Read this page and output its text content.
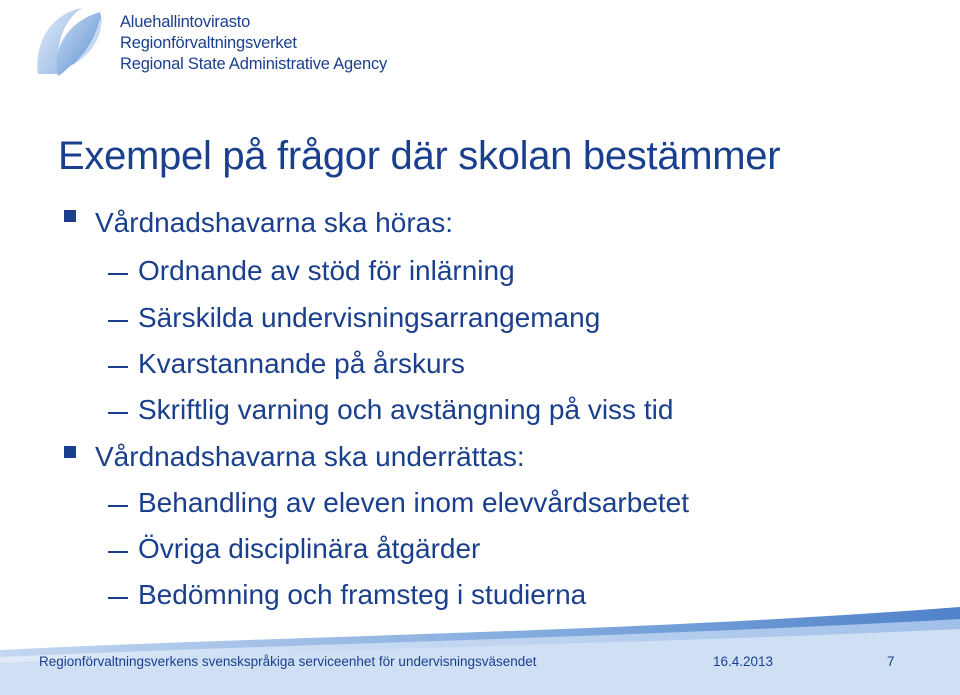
Aluehallintovirasto
Regionförvaltningsverket
Regional State Administrative Agency
Exempel på frågor där skolan bestämmer
Vårdnadshavarna ska höras:
Ordnande av stöd för inlärning
Särskilda undervisningsarrangemang
Kvarstannande på årskurs
Skriftlig varning och avstängning på viss tid
Vårdnadshavarna ska underrättas:
Behandling av eleven inom elevvårdsarbetet
Övriga disciplinära åtgärder
Bedömning och framsteg i studierna
Regionförvaltningsverkens svenskspråkiga serviceenhet för undervisningsväsendet	16.4.2013	7
